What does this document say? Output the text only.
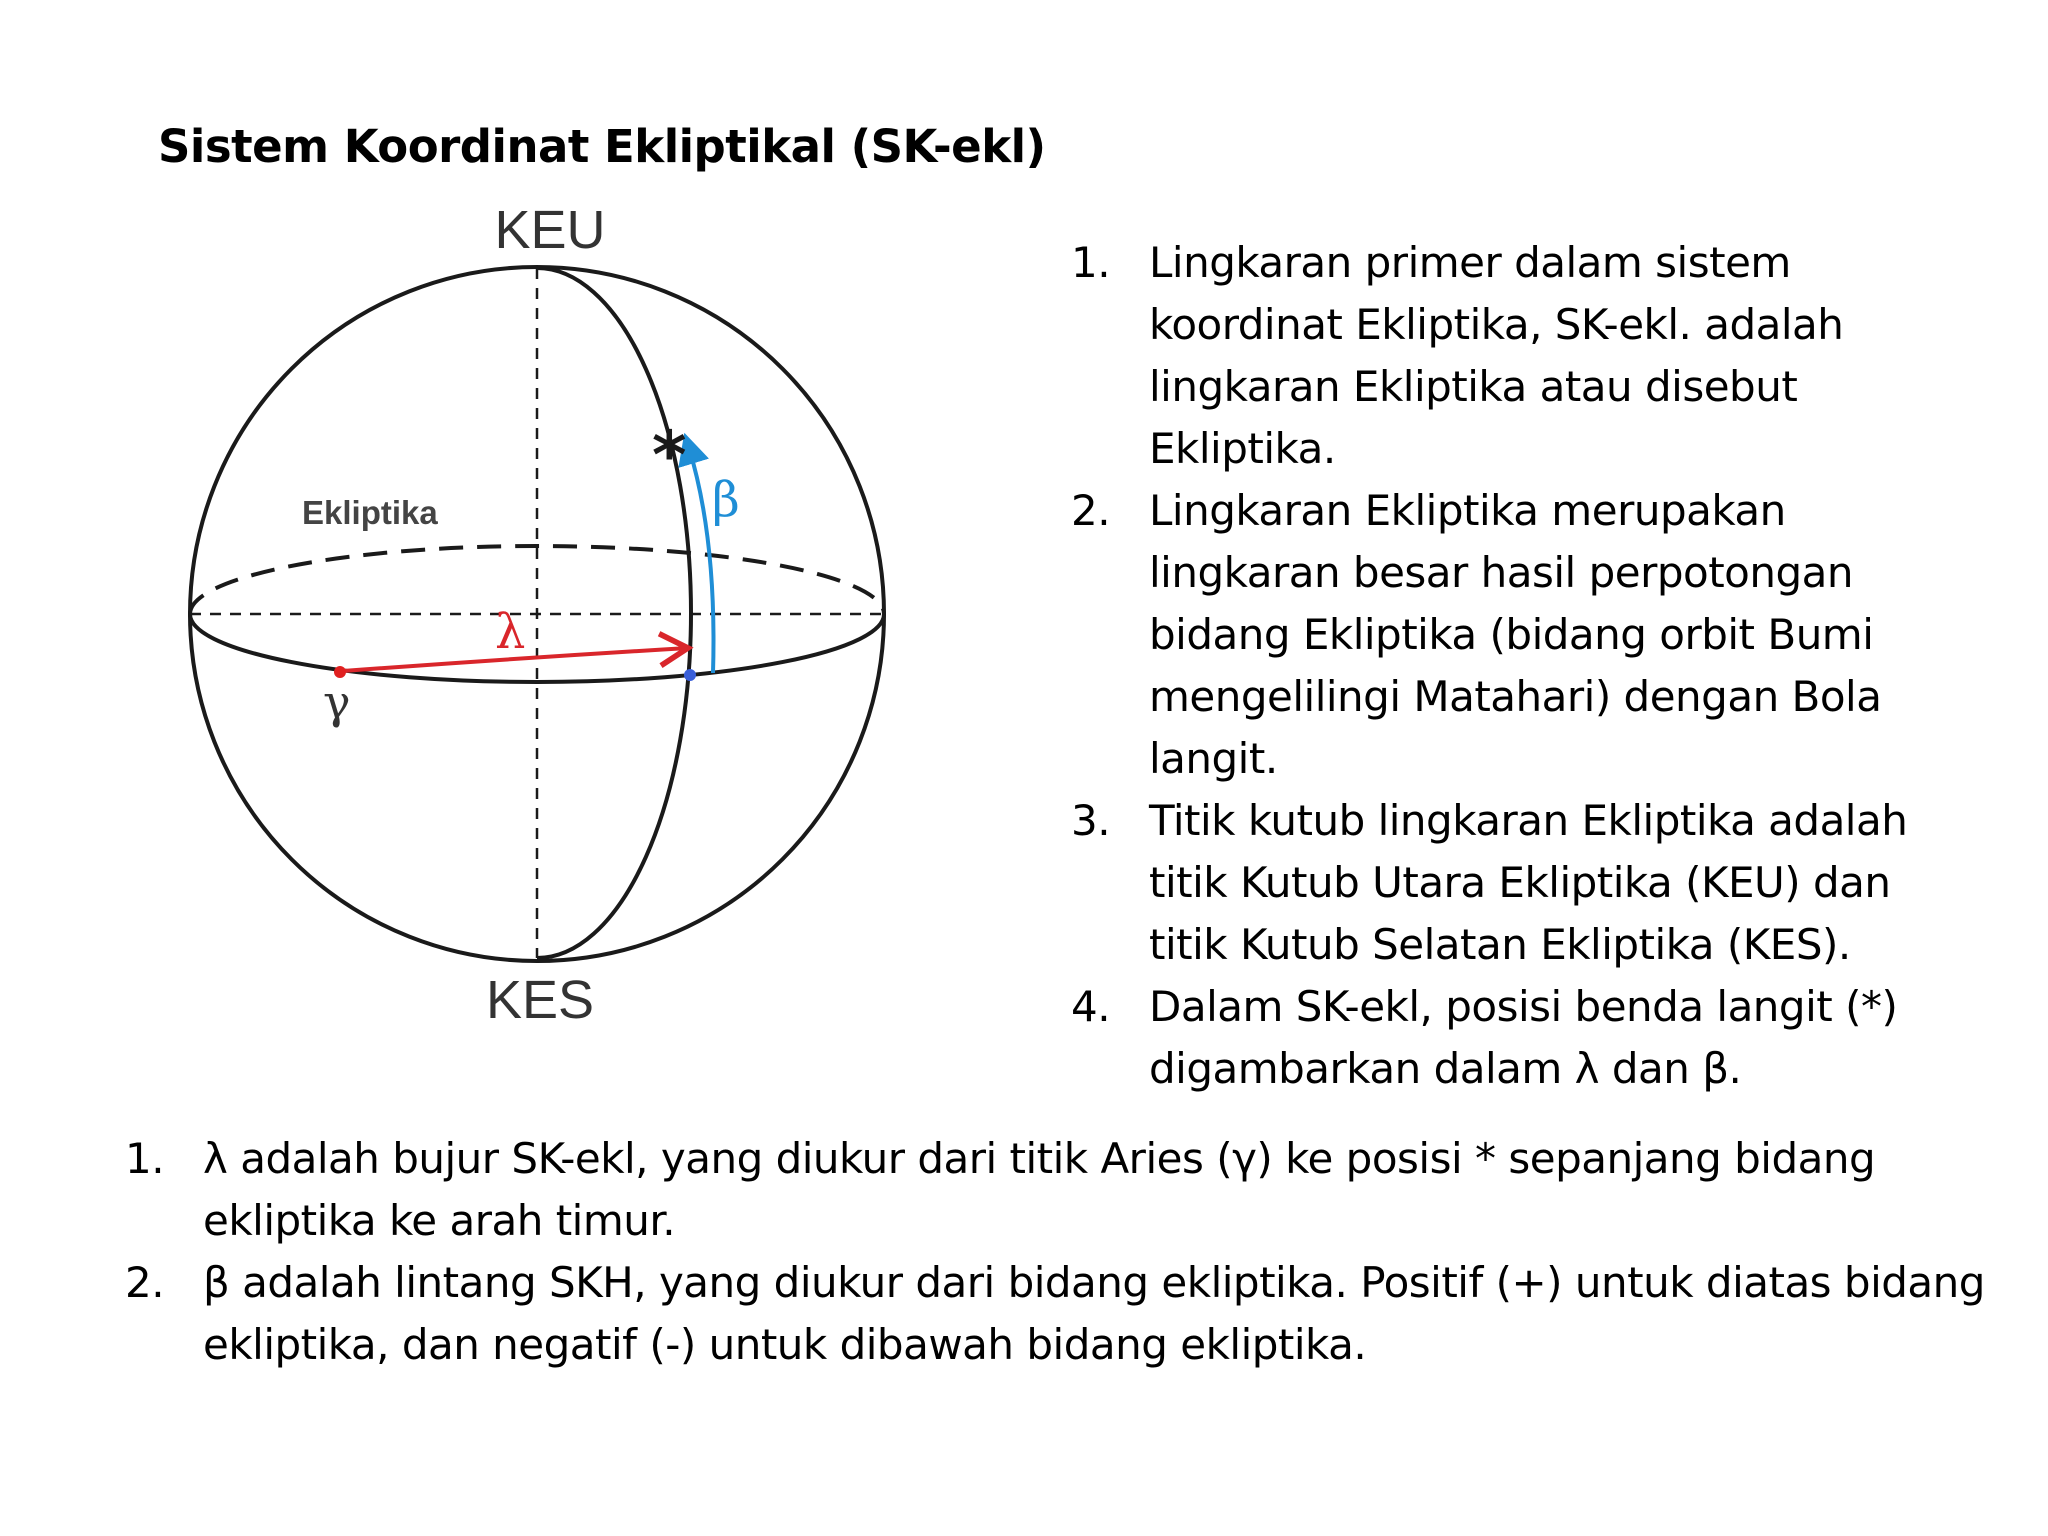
Sistem Koordinat Ekliptikal (SK-ekl)
KEU
KES
Ekliptika
λ
β
γ
*
1. Lingkaran primer dalam sistem koordinat Ekliptika, SK-ekl. adalah lingkaran Ekliptika atau disebut Ekliptika.
2. Lingkaran Ekliptika merupakan lingkaran besar hasil perpotongan bidang Ekliptika (bidang orbit Bumi mengelilingi Matahari) dengan Bola langit.
3. Titik kutub lingkaran Ekliptika adalah titik Kutub Utara Ekliptika (KEU) dan titik Kutub Selatan Ekliptika (KES).
4. Dalam SK-ekl, posisi benda langit (*) digambarkan dalam λ dan β.
1. λ adalah bujur SK-ekl, yang diukur dari titik Aries (γ) ke posisi * sepanjang bidang ekliptika ke arah timur.
2. β adalah lintang SKH, yang diukur dari bidang ekliptika. Positif (+) untuk diatas bidang ekliptika, dan negatif (-) untuk dibawah bidang ekliptika.
